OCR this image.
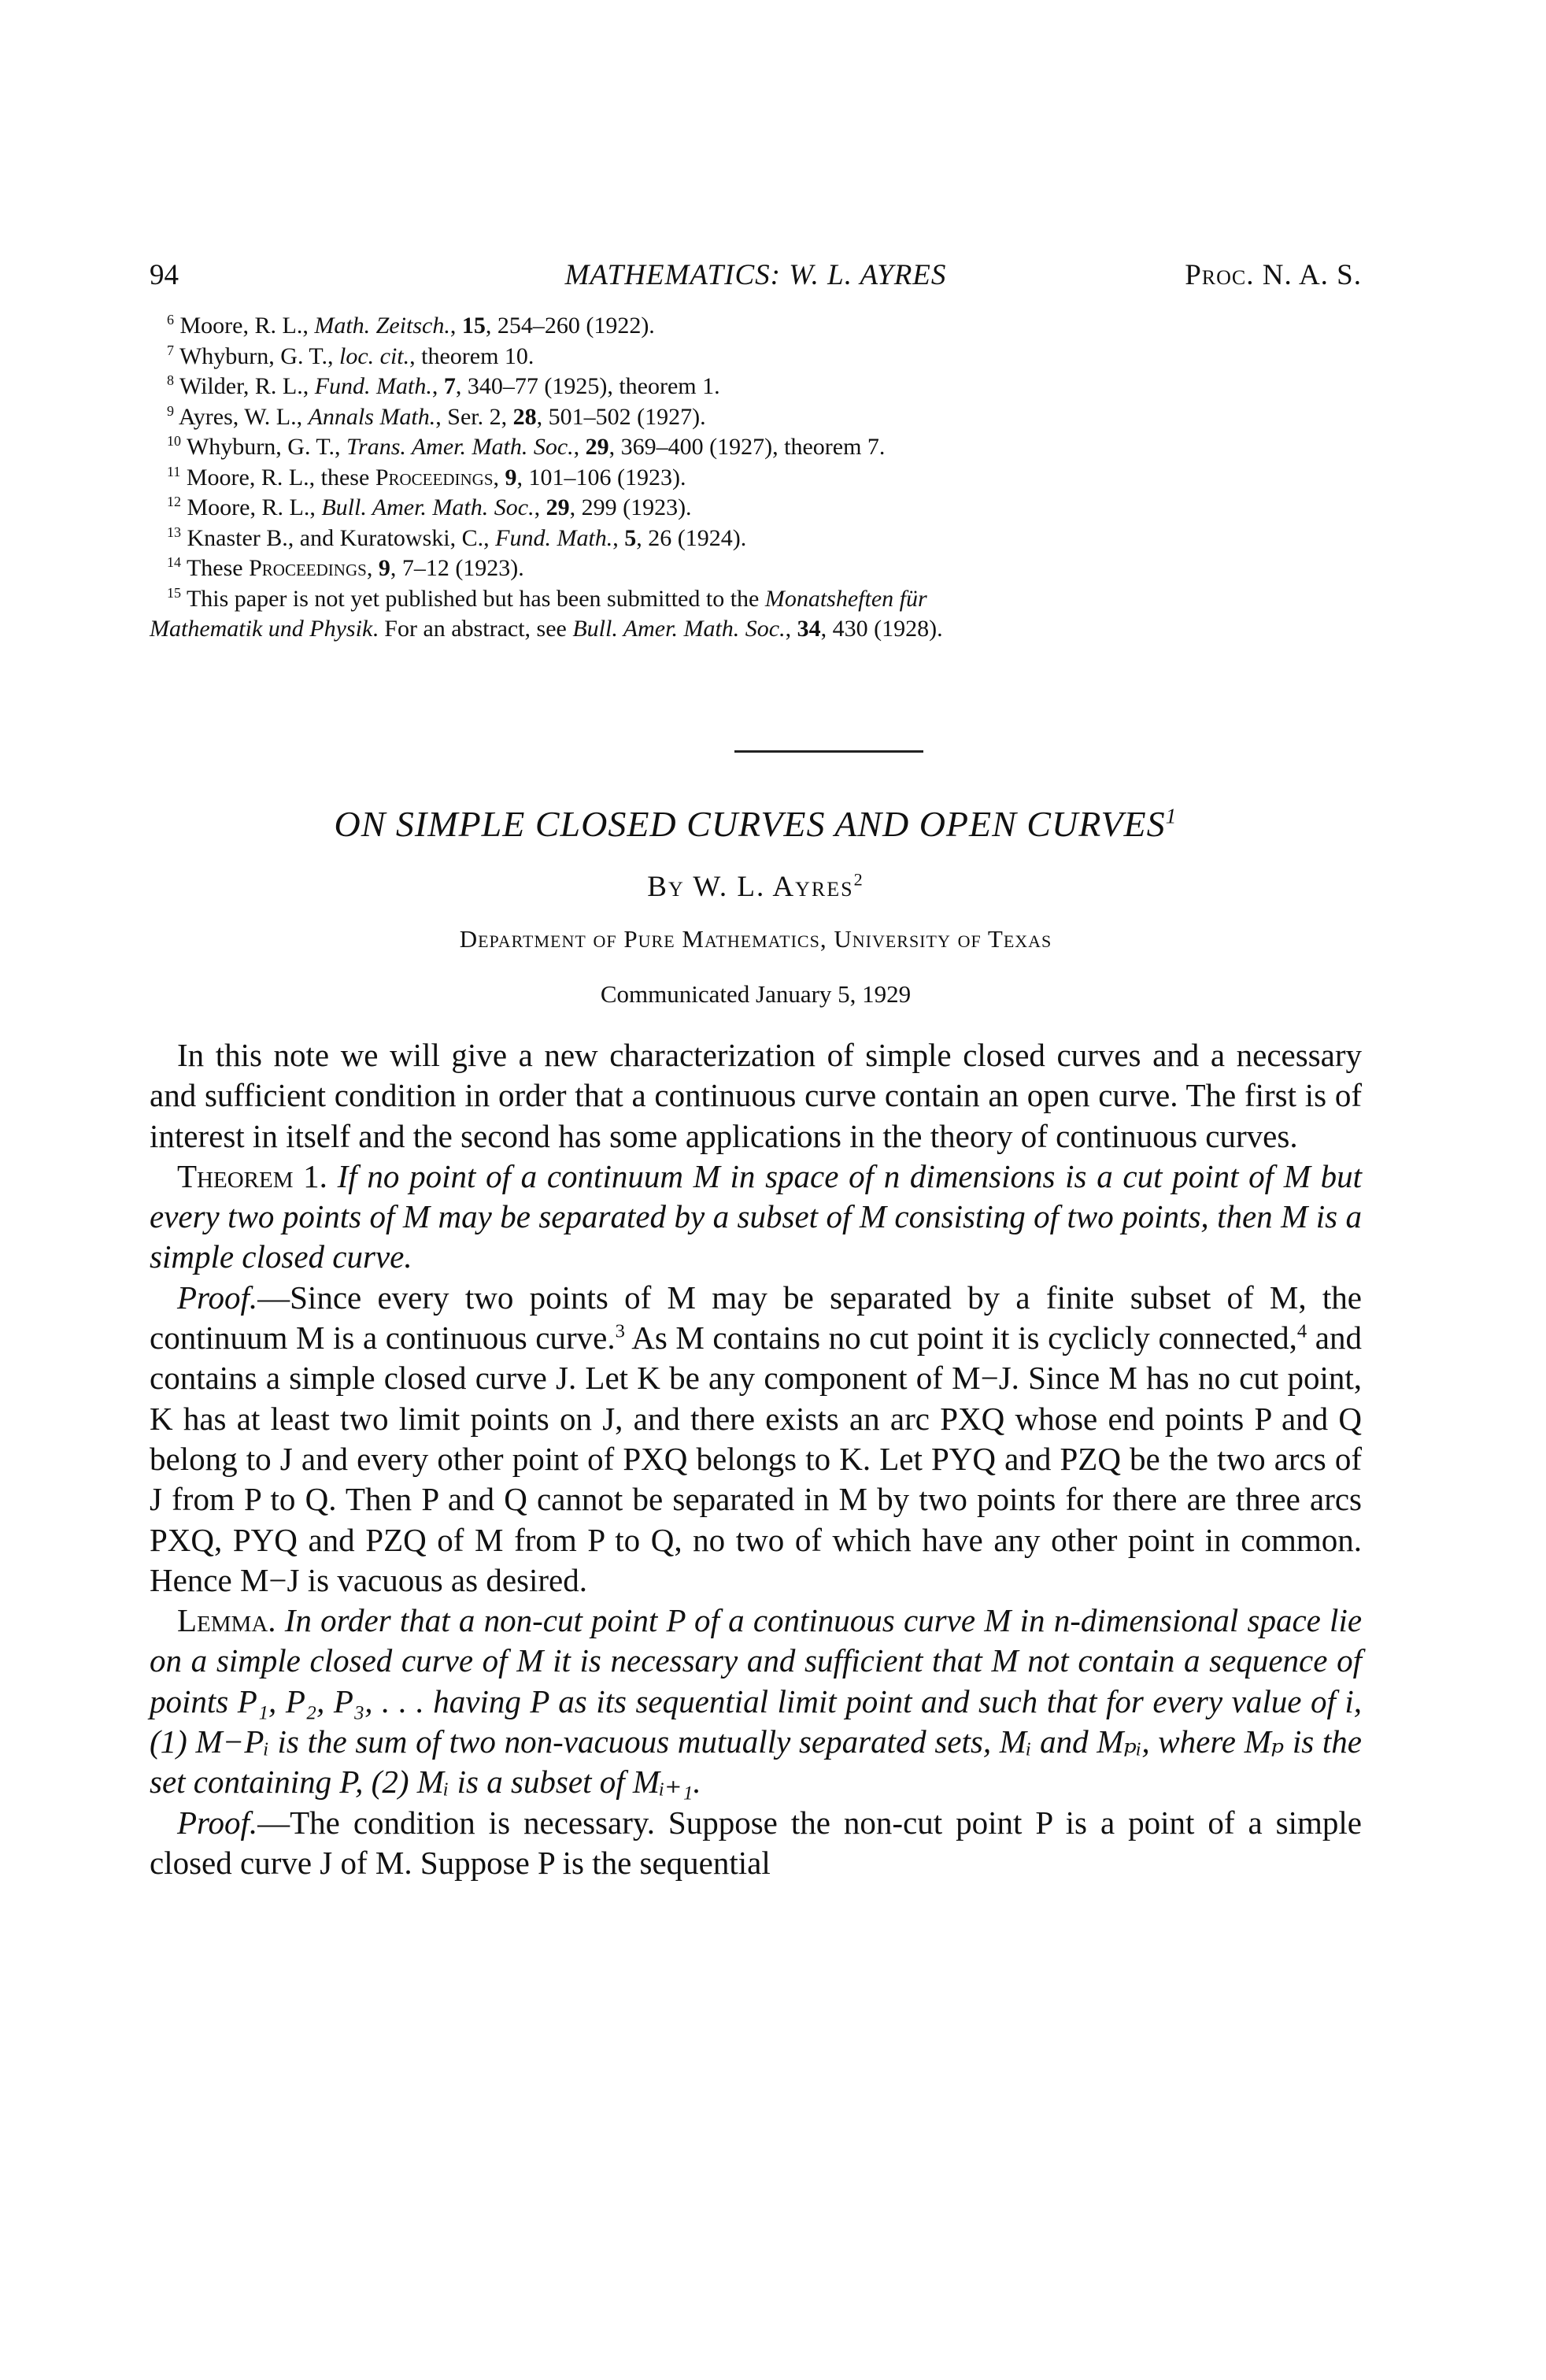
94	MATHEMATICS: W. L. AYRES	Proc. N. A. S.
$^6$ Moore, R. L., Math. Zeitsch., 15, 254–260 (1922).
$^7$ Whyburn, G. T., loc. cit., theorem 10.
$^8$ Wilder, R. L., Fund. Math., 7, 340–77 (1925), theorem 1.
$^9$ Ayres, W. L., Annals Math., Ser. 2, 28, 501–502 (1927).
$^{10}$ Whyburn, G. T., Trans. Amer. Math. Soc., 29, 369–400 (1927), theorem 7.
$^{11}$ Moore, R. L., these Proceedings, 9, 101–106 (1923).
$^{12}$ Moore, R. L., Bull. Amer. Math. Soc., 29, 299 (1923).
$^{13}$ Knaster B., and Kuratowski, C., Fund. Math., 5, 26 (1924).
$^{14}$ These Proceedings, 9, 7–12 (1923).
$^{15}$ This paper is not yet published but has been submitted to the Monatsheften für
Mathematik und Physik. For an abstract, see Bull. Amer. Math. Soc., 34, 430 (1928).
ON SIMPLE CLOSED CURVES AND OPEN CURVES$^1$
By W. L. Ayres$^2$
Department of Pure Mathematics, University of Texas
Communicated January 5, 1929
In this note we will give a new characterization of simple closed curves and a necessary and sufficient condition in order that a continuous curve contain an open curve. The first is of interest in itself and the second has some applications in the theory of continuous curves.
Theorem 1. If no point of a continuum M in space of n dimensions is a cut point of M but every two points of M may be separated by a subset of M consisting of two points, then M is a simple closed curve.
Proof.—Since every two points of M may be separated by a finite subset of M, the continuum M is a continuous curve.$^3$ As M contains no cut point it is cyclicly connected,$^4$ and contains a simple closed curve J. Let K be any component of M−J. Since M has no cut point, K has at least two limit points on J, and there exists an arc PXQ whose end points P and Q belong to J and every other point of PXQ belongs to K. Let PYQ and PZQ be the two arcs of J from P to Q. Then P and Q cannot be separated in M by two points for there are three arcs PXQ, PYQ and PZQ of M from P to Q, no two of which have any other point in common. Hence M−J is vacuous as desired.
Lemma. In order that a non-cut point P of a continuous curve M in n-dimensional space lie on a simple closed curve of M it is necessary and sufficient that M not contain a sequence of points P₁, P₂, P₃, . . . having P as its sequential limit point and such that for every value of i, (1) M−Pᵢ is the sum of two non-vacuous mutually separated sets, Mᵢ and Mₚᵢ, where Mₚ is the set containing P, (2) Mᵢ is a subset of Mᵢ₊₁.
Proof.—The condition is necessary. Suppose the non-cut point P is a point of a simple closed curve J of M. Suppose P is the sequential
